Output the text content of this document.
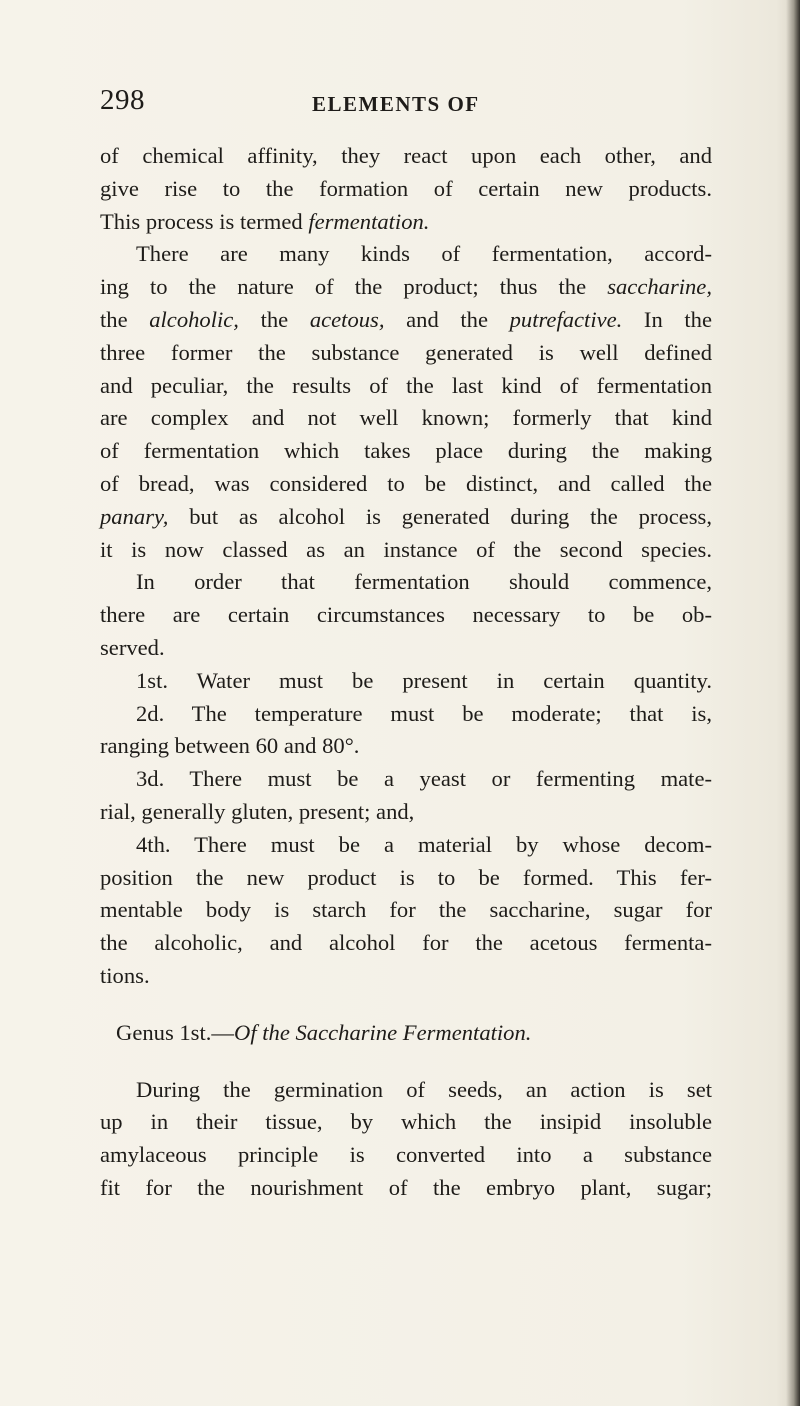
298	ELEMENTS OF
of chemical affinity, they react upon each other, and
give rise to the formation of certain new products.
This process is termed fermentation.
There are many kinds of fermentation, accord-
ing to the nature of the product; thus the saccharine,
the alcoholic, the acetous, and the putrefactive. In the
three former the substance generated is well defined
and peculiar, the results of the last kind of fermentation
are complex and not well known; formerly that kind
of fermentation which takes place during the making
of bread, was considered to be distinct, and called the
panary, but as alcohol is generated during the process,
it is now classed as an instance of the second species.
In order that fermentation should commence,
there are certain circumstances necessary to be ob-
served.
1st. Water must be present in certain quantity.
2d. The temperature must be moderate; that is,
ranging between 60 and 80°.
3d. There must be a yeast or fermenting mate-
rial, generally gluten, present; and,
4th. There must be a material by whose decom-
position the new product is to be formed. This fer-
mentable body is starch for the saccharine, sugar for
the alcoholic, and alcohol for the acetous fermenta-
tions.
Genus 1st.—Of the Saccharine Fermentation.
During the germination of seeds, an action is set
up in their tissue, by which the insipid insoluble
amylaceous principle is converted into a substance
fit for the nourishment of the embryo plant, sugar;
